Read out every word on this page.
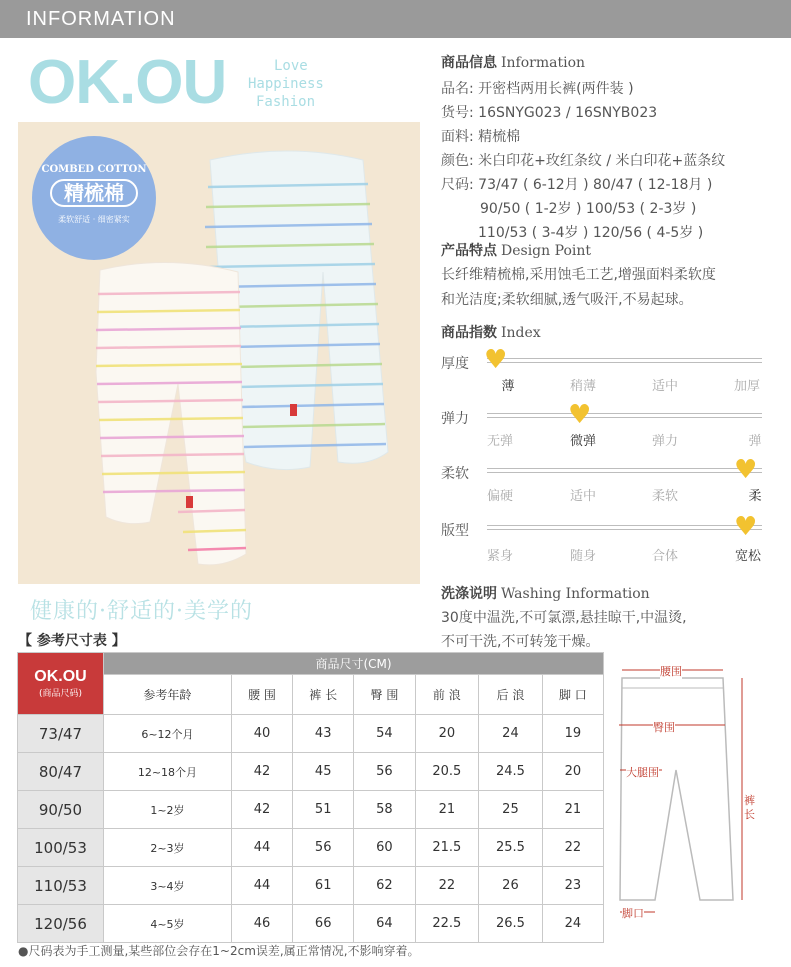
INFORMATION
OK.OU	Love
Happiness
Fashion
COMBED COTTON
精梳棉
柔软舒适 · 细密紧实
健康的·舒适的·美学的
商品信息 Information
品名: 开密档两用长裤(两件装 )
货号: 16SNYG023 / 16SNYB023
面料: 精梳棉
颜色: 米白印花+玫红条纹 / 米白印花+蓝条纹
尺码: 73/47 ( 6-12月 ) 80/47 ( 12-18月 )
90/50 ( 1-2岁 ) 100/53 ( 2-3岁 )
110/53 ( 3-4岁 ) 120/56 ( 4-5岁 )
产品特点 Design Point
长纤维精梳棉,采用蚀毛工艺,增强面料柔软度
和光洁度;柔软细腻,透气吸汗,不易起球。
商品指数 Index
厚度 ♥
薄	稍薄	适中	加厚
弹力	♥
无弹	微弹	弹力	弹
柔软	♥
偏硬	适中	柔软	柔
版型	♥
紧身	随身	合体	宽松
洗涤说明 Washing Information
30度中温洗,不可氯漂,悬挂晾干,中温烫,
不可干洗,不可转笼干燥。
【 参考尺寸表 】
OK.OU
(商品尺码)	商品尺寸(CM)						
	参考年龄	腰 围	裤 长	臀 围	前 浪	后 浪	脚 口
73/47	6~12个月	40	43	54	20	24	19
80/47	12~18个月	42	45	56	20.5	24.5	20
90/50	1~2岁	42	51	58	21	25	21
100/53	2~3岁	44	56	60	21.5	25.5	22
110/53	3~4岁	44	61	62	22	26	23
120/56	4~5岁	46	66	64	22.5	26.5	24
腰围
臀围
大腿围
裤长
脚口
●尺码表为手工测量,某些部位会存在1~2cm误差,属正常情况,不影响穿着。
